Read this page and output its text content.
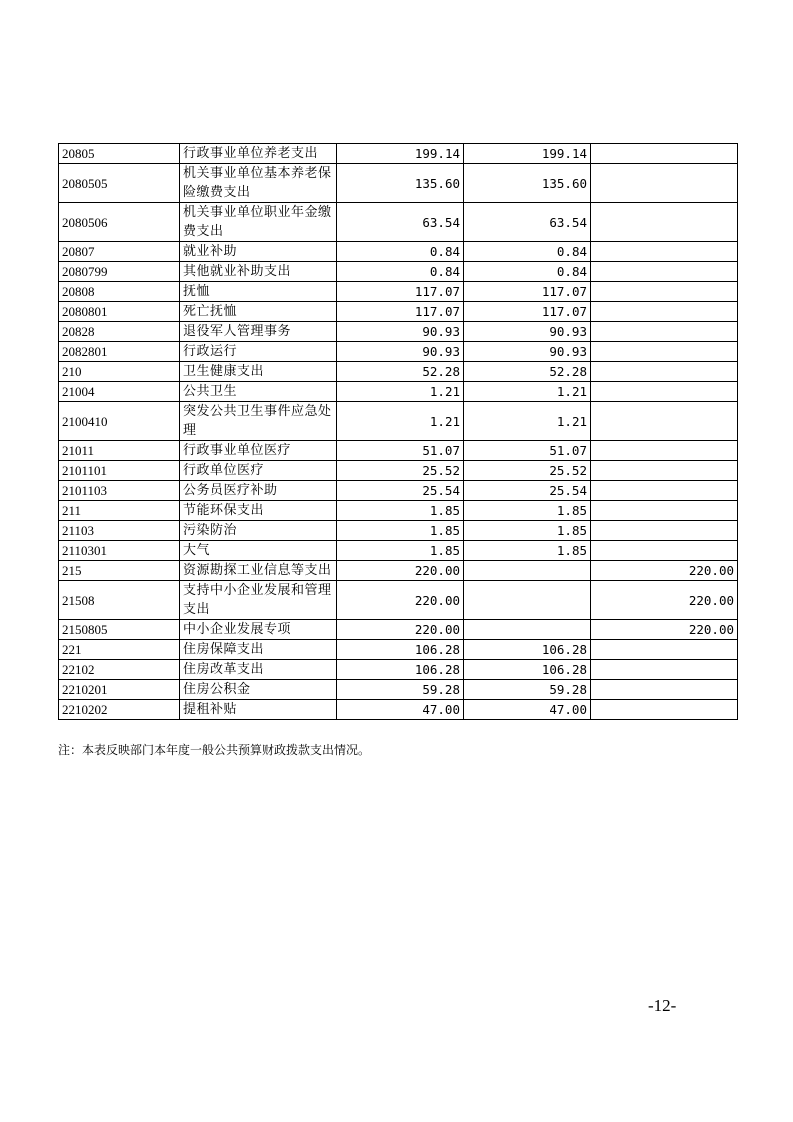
20805	行政事业单位养老支出	199.14	199.14	
2080505	机关事业单位基本养老保险缴费支出	135.60	135.60	
2080506	机关事业单位职业年金缴费支出	63.54	63.54	
20807	就业补助	0.84	0.84	
2080799	其他就业补助支出	0.84	0.84	
20808	抚恤	117.07	117.07	
2080801	死亡抚恤	117.07	117.07	
20828	退役军人管理事务	90.93	90.93	
2082801	行政运行	90.93	90.93	
210	卫生健康支出	52.28	52.28	
21004	公共卫生	1.21	1.21	
2100410	突发公共卫生事件应急处理	1.21	1.21	
21011	行政事业单位医疗	51.07	51.07	
2101101	行政单位医疗	25.52	25.52	
2101103	公务员医疗补助	25.54	25.54	
211	节能环保支出	1.85	1.85	
21103	污染防治	1.85	1.85	
2110301	大气	1.85	1.85	
215	资源勘探工业信息等支出	220.00		220.00
21508	支持中小企业发展和管理支出	220.00		220.00
2150805	中小企业发展专项	220.00		220.00
221	住房保障支出	106.28	106.28	
22102	住房改革支出	106.28	106.28	
2210201	住房公积金	59.28	59.28	
2210202	提租补贴	47.00	47.00	
注：本表反映部门本年度一般公共预算财政拨款支出情况。
-12-
